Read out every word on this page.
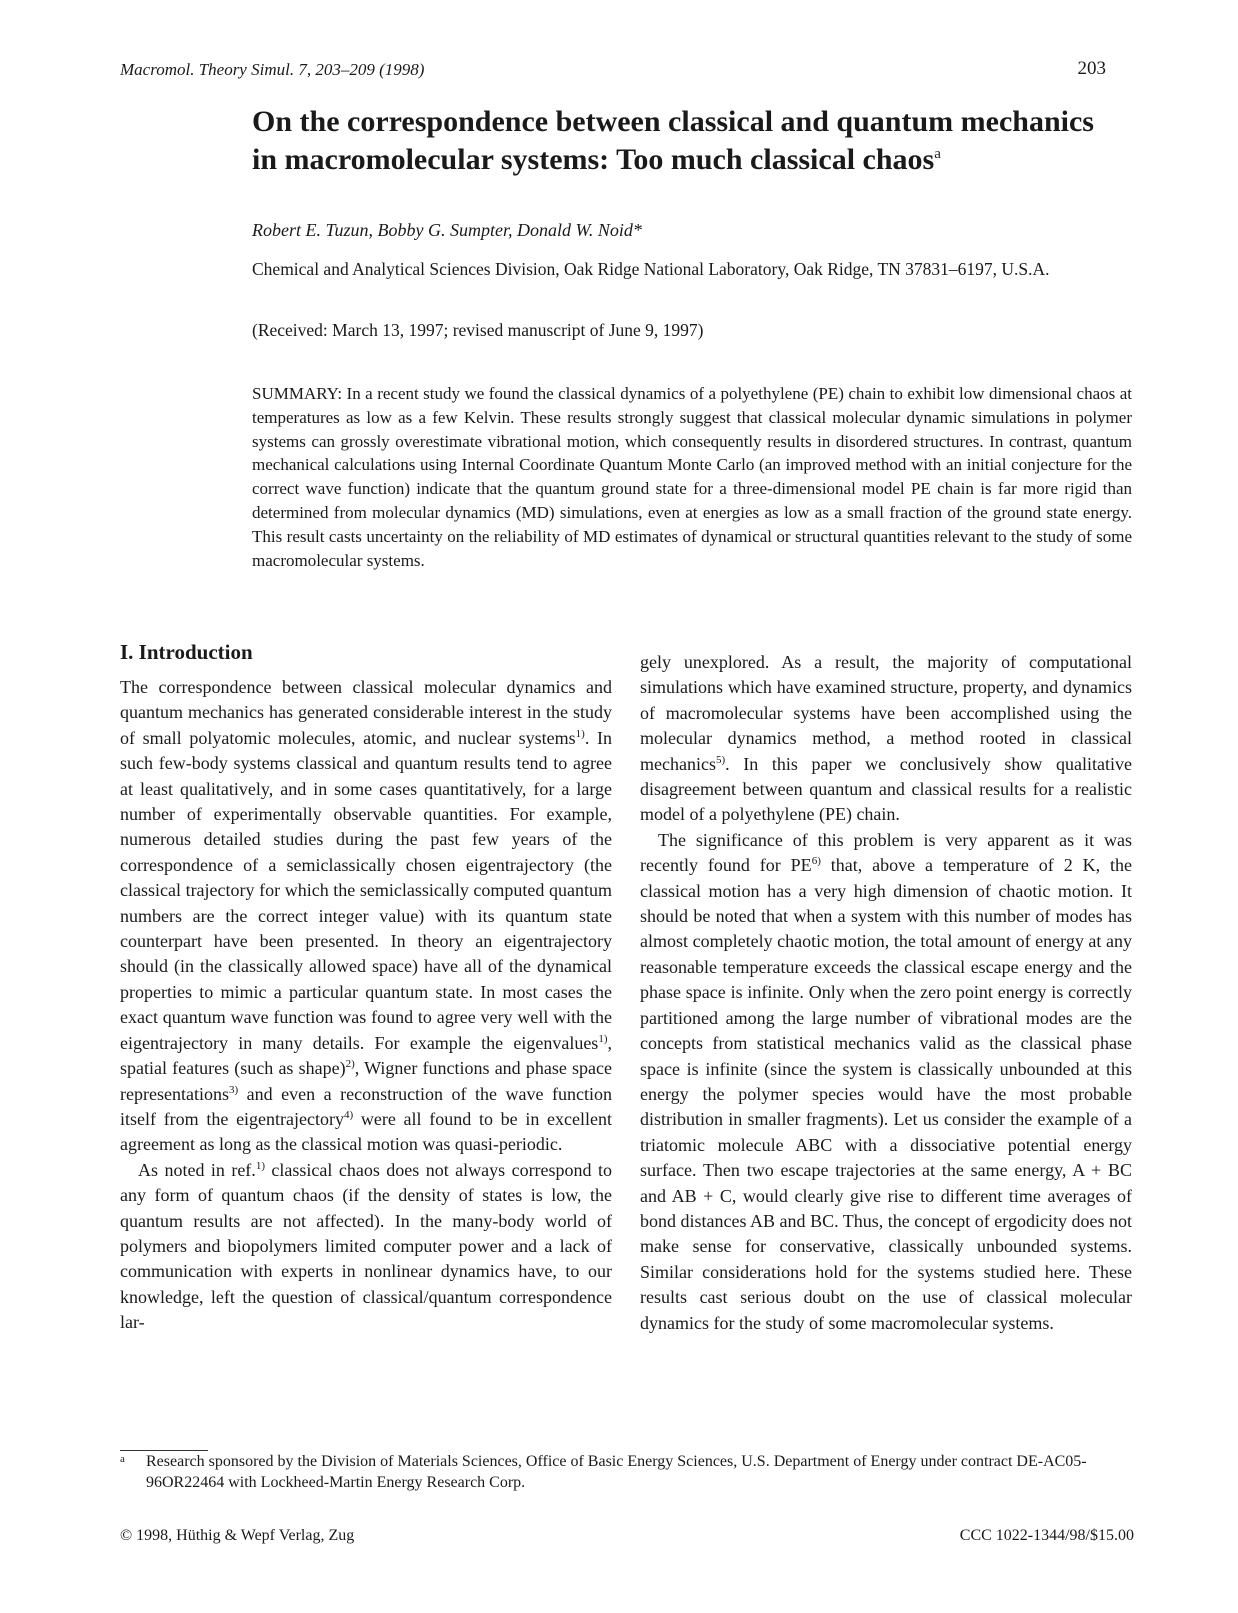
Macromol. Theory Simul. 7, 203–209 (1998)	203
On the correspondence between classical and quantum mechanics
in macromolecular systems: Too much classical chaos$^a$
Robert E. Tuzun, Bobby G. Sumpter, Donald W. Noid*
Chemical and Analytical Sciences Division, Oak Ridge National Laboratory, Oak Ridge, TN 37831–6197, U.S.A.
(Received: March 13, 1997; revised manuscript of June 9, 1997)
SUMMARY: In a recent study we found the classical dynamics of a polyethylene (PE) chain to exhibit low dimensional chaos at temperatures as low as a few Kelvin. These results strongly suggest that classical molecular dynamic simulations in polymer systems can grossly overestimate vibrational motion, which consequently results in disordered structures. In contrast, quantum mechanical calculations using Internal Coordinate Quantum Monte Carlo (an improved method with an initial conjecture for the correct wave function) indicate that the quantum ground state for a three-dimensional model PE chain is far more rigid than determined from molecular dynamics (MD) simulations, even at energies as low as a small fraction of the ground state energy. This result casts uncertainty on the reliability of MD estimates of dynamical or structural quantities relevant to the study of some macromolecular systems.
I. Introduction

The correspondence between classical molecular dynamics and quantum mechanics has generated considerable interest in the study of small polyatomic molecules, atomic, and nuclear systems$^{1)}$. In such few-body systems classical and quantum results tend to agree at least qualitatively, and in some cases quantitatively, for a large number of experimentally observable quantities. For example, numerous detailed studies during the past few years of the correspondence of a semiclassically chosen eigentrajectory (the classical trajectory for which the semiclassically computed quantum numbers are the correct integer value) with its quantum state counterpart have been presented. In theory an eigentrajectory should (in the classically allowed space) have all of the dynamical properties to mimic a particular quantum state. In most cases the exact quantum wave function was found to agree very well with the eigentrajectory in many details. For example the eigenvalues$^{1)}$, spatial features (such as shape)$^{2)}$, Wigner functions and phase space representations$^{3)}$ and even a reconstruction of the wave function itself from the eigentrajectory$^{4)}$ were all found to be in excellent agreement as long as the classical motion was quasi-periodic.

As noted in ref.$^{1)}$ classical chaos does not always correspond to any form of quantum chaos (if the density of states is low, the quantum results are not affected). In the many-body world of polymers and biopolymers limited computer power and a lack of communication with experts in nonlinear dynamics have, to our knowledge, left the question of classical/quantum correspondence lar-

gely unexplored. As a result, the majority of computational simulations which have examined structure, property, and dynamics of macromolecular systems have been accomplished using the molecular dynamics method, a method rooted in classical mechanics$^{5)}$. In this paper we conclusively show qualitative disagreement between quantum and classical results for a realistic model of a polyethylene (PE) chain.

The significance of this problem is very apparent as it was recently found for PE$^{6)}$ that, above a temperature of 2 K, the classical motion has a very high dimension of chaotic motion. It should be noted that when a system with this number of modes has almost completely chaotic motion, the total amount of energy at any reasonable temperature exceeds the classical escape energy and the phase space is infinite. Only when the zero point energy is correctly partitioned among the large number of vibrational modes are the concepts from statistical mechanics valid as the classical phase space is infinite (since the system is classically unbounded at this energy the polymer species would have the most probable distribution in smaller fragments). Let us consider the example of a triatomic molecule ABC with a dissociative potential energy surface. Then two escape trajectories at the same energy, A + BC and AB + C, would clearly give rise to different time averages of bond distances AB and BC. Thus, the concept of ergodicity does not make sense for conservative, classically unbounded systems. Similar considerations hold for the systems studied here. These results cast serious doubt on the use of classical molecular dynamics for the study of some macromolecular systems.

a Research sponsored by the Division of Materials Sciences, Office of Basic Energy Sciences, U.S. Department of Energy under contract DE-AC05-96OR22464 with Lockheed-Martin Energy Research Corp.
© 1998, Hüthig & Wepf Verlag, Zug	CCC 1022-1344/98/$15.00
